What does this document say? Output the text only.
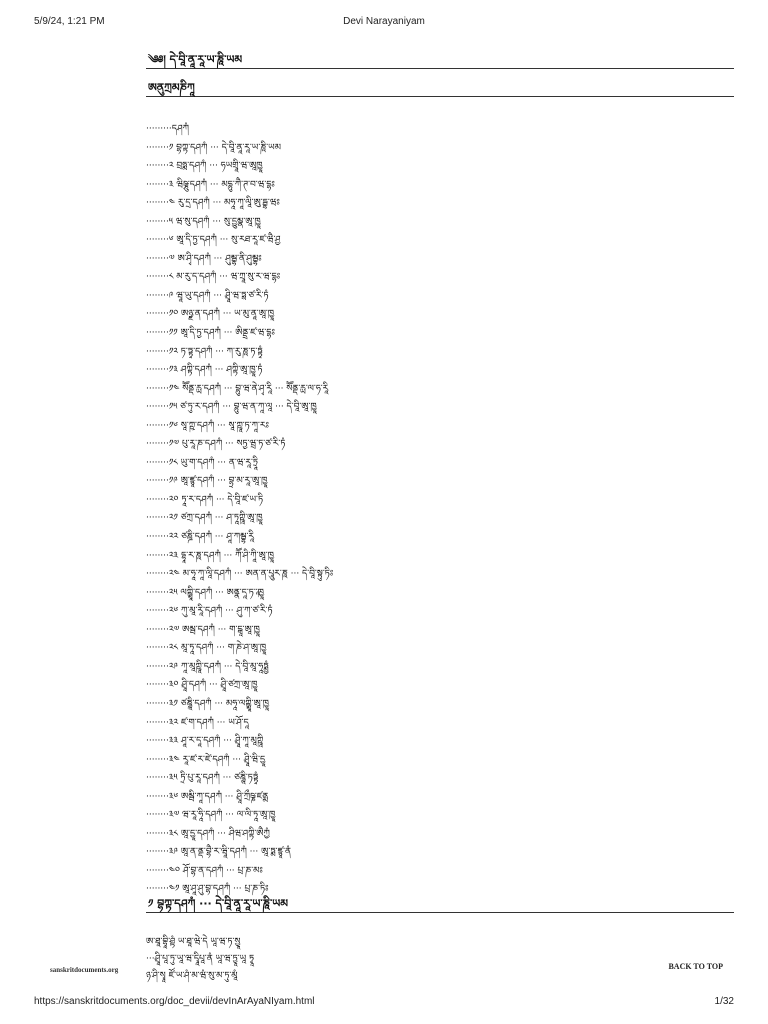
5/9/24, 1:21 PM	Devi Narayaniyam
༄༅། དེ་བཱི་ནཱ་རཱ་ཡ་ཎཱི་ཡམ
ཨནུཀྲམཎིཀཱ
·········དཤཀཾ
········༡ བྷཀྟ་དཤཀཾ ··· དེ་བཱི་ནཱ་རཱ་ཡ་ཎཱི་ཡམ
········༢ བྲཧྨ་དཤཀཾ ··· ཧཡགྲཱི་ཝ་ཨཱཁྱཱ
········༣ ཝིཥྞུ་དཤཀཾ ··· མདྷུ་ཀཻ་ཊ་བ་ཝ་དྷཿ
········༤ རུ་དྲ་དཤཀཾ ··· མཧཱ་ཀཱ་ལཱི་ཨུ་དྦྷ་ཝཿ
········༥ ཝ་སུ་དཤཀཾ ··· སུ་དྱུམྣ་ཨཱ་ཁྱཱ
········༦ ཨཱ་དི་ཏྱ་དཤཀཾ ··· སུ་རཐ་རཱ་ཛ་ཝཻ་ཤྱ
········༧ ཨ་ཤྭི་དཤཀཾ ··· ཤུམྦྷ་ནི་ཤུམྦྷཿ
········༨ མ་རུ་ད་དཤཀཾ ··· ཝ་ཀྲཱ་སུ་ར་ཝ་དྷཿ
········༩ ཝཱ་ཡུ་དཤཀཾ ··· ཤྲཱི་ཝ་ཏྶ་ཙ་རི་ཏཾ
········༡༠ ཨཉྫ་ན་དཤཀཾ ··· ཡ་མུ་ནཱ་ཨཱ་ཁྱཱ
········༡༡ ཨཱ་དི་ཏྱ་དཤཀཾ ··· ཨིནྡྲ་ཛ་ཝ་དྷཿ
········༡༢ ཏ་ཏྟྭ་དཤཀཾ ··· ཀ་རུ་ཎཱ་ཏ་ཏྟྭཾ
········༡༣ ཤཀྟི་དཤཀཾ ··· ཤཀྟི་ཨཱ་ཁྱཱ་ཏཾ
········༡༤ སཽནྡ་རྻ་དཤཀཾ ··· བྷུ་ཝ་ནེ་ཤྭ་རཱི ··· སཽནྡ་རྻ་ལ་ཧ་རཱི
········༡༥ ཙ་ཏུ་ར་དཤཀཾ ··· བྷུ་ཝ་ན་ཀཱ་ལཱ ··· དེ་བཱི་ཨཱ་ཁྱཱ
········༡༦ སཱ་ཀྵ་དཤཀཾ ··· སཱ་ཀྵཱ་ཏ་ཀཱ་རཿ
········༡༧ པུ་རཱ་ཎ་དཤཀཾ ··· སཏྱ་ཝྲ་ཏ་ཙ་རི་ཏཾ
········༡༨ ཡུ་ག་དཤཀཾ ··· ན་ཝ་རཱ་ཏྲཱི
········༡༩ ཨཱ་ཛྙཱ་དཤཀཾ ··· བྷྲ་མ་རཱ་ཨཱ་ཁྱཱ
········༢༠ ཏཱ་ར་དཤཀཾ ··· དེ་བཱི་ཛ་ཡ་ཏི
········༢༡ ཙཀྲ་དཤཀཾ ··· ཤ་ཏཱཀྵཱི་ཨཱ་ཁྱཱ
········༢༢ ཙཎྜི་དཤཀཾ ··· ཤཱ་ཀམྦྷ་རཱི
········༢༣ དྷཱ་ར་ཎཱ་དཤཀཾ ··· ཀཽ་ཤི་ཀཱི་ཨཱ་ཁྱཱ
········༢༤ མ་ཧཱ་ཀཱ་ལཱི་དཤཀཾ ··· ཨན་ན་པཱུར་ཎཱ ··· དེ་བཱི་སྟུ་ཏིཿ
········༢༥ ལཀྵྨཱི་དཤཀཾ ··· ཨནྣ་དཱ་ཏ་ཱ་ཁྱཱ
········༢༦ ཀུ་མཱ་རཱི་དཤཀཾ ··· ཤུ་ཀ་ཙ་རི་ཏཾ
········༢༧ ཨམྦ་དཤཀཾ ··· ག་ངྒཱ་ཨཱ་ཁྱཱ
········༢༨ མཱ་ཏཱ་དཤཀཾ ··· ག་ཎེ་ཤ་ཨཱ་ཁྱཱ
········༢༩ ཀཱ་མཱཀྵཱི་དཤཀཾ ··· དེ་བཱི་མཱ་ཧཱཏྨྱཾ
········༣༠ ཤྲཱི་དཤཀཾ ··· ཤྲཱི་ཙཀྲ་ཨཱ་ཁྱཱ
········༣༡ ཙཎྜཱི་དཤཀཾ ··· མཧཱ་ལཀྵྨཱི་ཨཱ་ཁྱཱ
········༣༢ ཛ་ག་དཤཀཾ ··· ཡ་ཤོ་དཱ
········༣༣ ཤཱ་ར་དཱ་དཤཀཾ ··· ཤྲཱི་ཀཱ་མཱཀྵཱི
········༣༤ རཱ་ཛ་ར་ཛེ་དཤཀཾ ··· ཤྲཱི་ཝི་དྱཱ
········༣༥ ཏྲི་པུ་རཱ་དཤཀཾ ··· ཙཎྜཱི་ཏཏྟྭཾ
········༣༦ ཨམྦི་ཀཱ་དཤཀཾ ··· ཤྲཱི་ཀྲྀཥྞ་ཛནྨ
········༣༧ ཝ་རཱ་ཧཱི་དཤཀཾ ··· ལ་ལི་ཏཱ་ཨཱ་ཁྱཱ
········༣༨ ཨཱ་དྱཱ་དཤཀཾ ··· ཤིཝ་ཤཀྟི་ཨཻཀྱཾ
········༣༩ ཨཱ་ན་ནྡ་བྷཻ་ར་ཝཱི་དཤཀཾ ··· ཨཱ་ཏྨ་ཛྙཱ་ནཾ
········༤༠ ཤོ་བྷ་ན་དཤཀཾ ··· པྲ་ཎ་མཿ
········༤༡ ཨཱ་ཤཱ་ཤུ་བྷ་དཤཀཾ ··· པྲ་ཎ་ཏིཿ
༡ བྷཀྟ་དཤཀཾ ··· དེ་བཱི་ནཱ་རཱ་ཡ་ཎཱི་ཡམ
ཨ་ཐཱ་བྷཱི་ཤྟཾ ཡ་ཐཱ་ཝེ་དེ ཡཱ་ཝ་ཏ་སྱཱ
···ཤྲཱི་པཱ་ཏུ་ཡཱ་ཝ་དྭཱིཔཱ་ནཾ ཡཱ་ཝ་ཏྱཱ་ཡཱ ཏྭཱ
ཉ་ཤི་སྭཱ ཛོ་ཡ་ཤཾ་མ་ཝཾ་སུ་མ་ཏུ་མཱཾ
sanskritdocuments.org	BACK TO TOP
https://sanskritdocuments.org/doc_devii/devInArAyaNIyam.html	1/32
